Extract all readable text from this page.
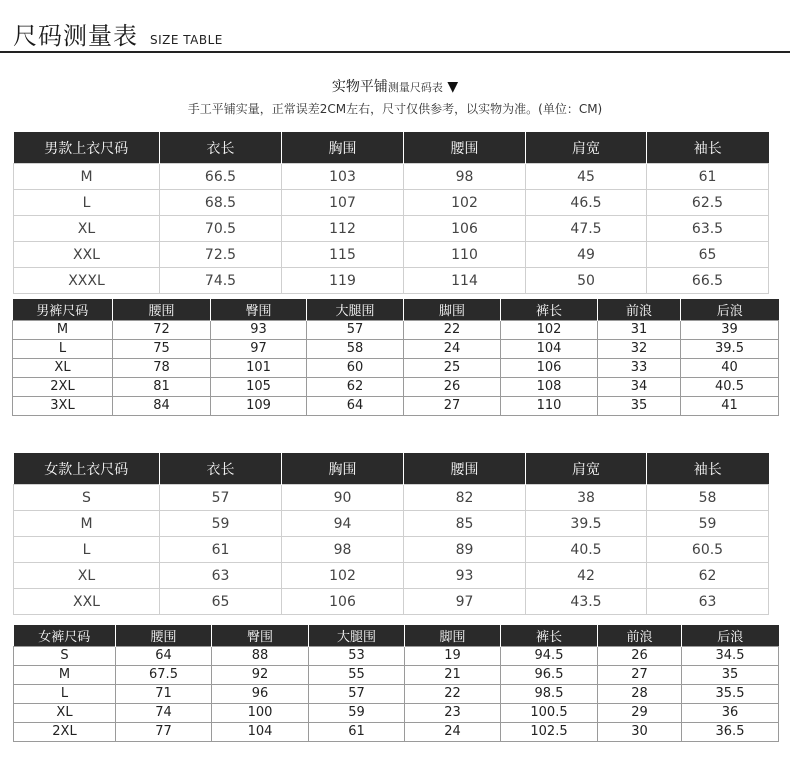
尺码测量表 SIZE TABLE
实物平铺测量尺码表 ▼
手工平铺实量，正常误差2CM左右，尺寸仅供参考，以实物为准。(单位：CM)
男款上衣尺码	衣长	胸围	腰围	肩宽	袖长
M	66.5	103	98	45	61
L	68.5	107	102	46.5	62.5
XL	70.5	112	106	47.5	63.5
XXL	72.5	115	110	49	65
XXXL	74.5	119	114	50	66.5
男裤尺码	腰围	臀围	大腿围	脚围	裤长	前浪	后浪
M	72	93	57	22	102	31	39
L	75	97	58	24	104	32	39.5
XL	78	101	60	25	106	33	40
2XL	81	105	62	26	108	34	40.5
3XL	84	109	64	27	110	35	41
女款上衣尺码	衣长	胸围	腰围	肩宽	袖长
S	57	90	82	38	58
M	59	94	85	39.5	59
L	61	98	89	40.5	60.5
XL	63	102	93	42	62
XXL	65	106	97	43.5	63
女裤尺码	腰围	臀围	大腿围	脚围	裤长	前浪	后浪
S	64	88	53	19	94.5	26	34.5
M	67.5	92	55	21	96.5	27	35
L	71	96	57	22	98.5	28	35.5
XL	74	100	59	23	100.5	29	36
2XL	77	104	61	24	102.5	30	36.5
